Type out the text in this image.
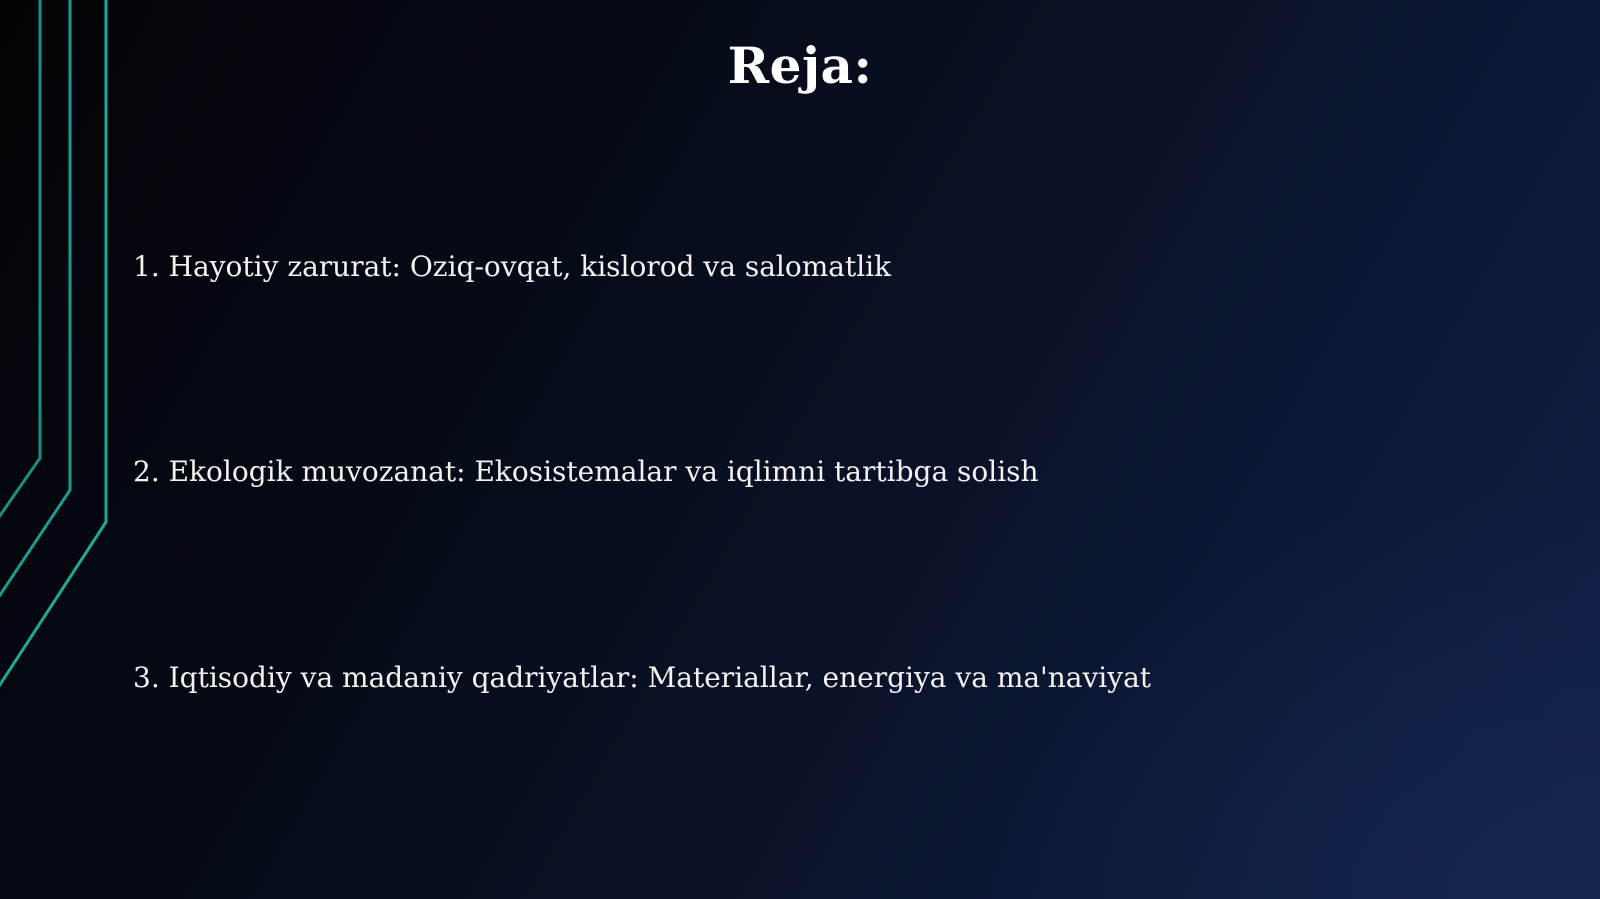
Reja:

1. Hayotiy zarurat: Oziq-ovqat, kislorod va salomatlik

2. Ekologik muvozanat: Ekosistemalar va iqlimni tartibga solish

3. Iqtisodiy va madaniy qadriyatlar: Materiallar, energiya va ma'naviyat
